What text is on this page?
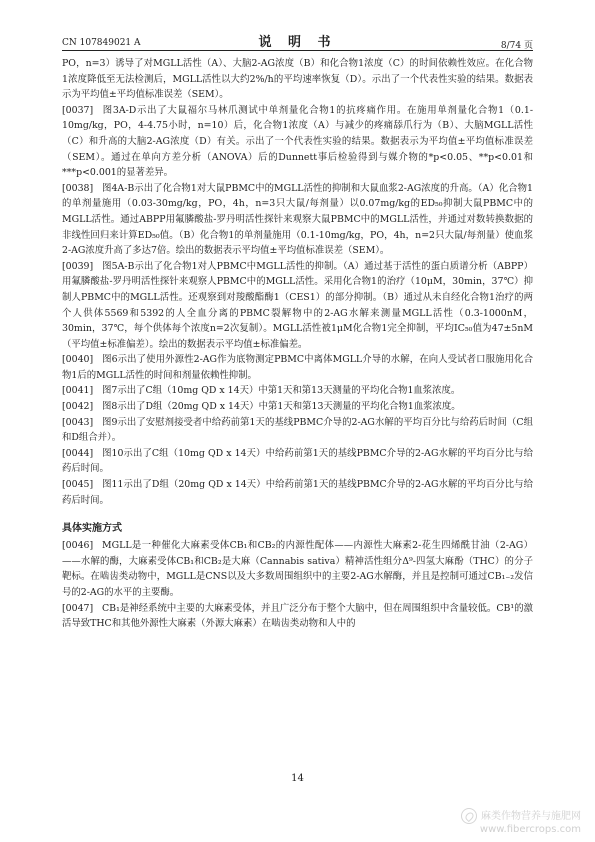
CN 107849021 A	说 明 书	8/74 页

PO，n=3）诱导了对MGLL活性（A）、大脑2-AG浓度（B）和化合物1浓度（C）的时间依赖性效应。在化合物1浓度降低至无法检测后，MGLL活性以大约2%/h的平均速率恢复（D）。示出了一个代表性实验的结果。数据表示为平均值±平均值标准误差（SEM）。

[0037] 图3A-D示出了大鼠福尔马林爪测试中单剂量化合物1的抗疼痛作用。在施用单剂量化合物1（0.1-10mg/kg，PO，4-4.75小时，n=10）后，化合物1浓度（A）与减少的疼痛舔爪行为（B）、大脑MGLL活性（C）和升高的大脑2-AG浓度（D）有关。示出了一个代表性实验的结果。数据表示为平均值±平均值标准误差（SEM）。通过在单向方差分析（ANOVA）后的Dunnett事后检验得到与媒介物的*p<0.05、**p<0.01和***p<0.001的显著差异。

[0038] 图4A-B示出了化合物1对大鼠PBMC中的MGLL活性的抑制和大鼠血浆2-AG浓度的升高。（A）化合物1的单剂量施用（0.03-30mg/kg，PO，4h，n=3只大鼠/每剂量）以0.07mg/kg的ED₅₀抑制大鼠PBMC中的MGLL活性。通过ABPP用氟膦酸盐-罗丹明活性探针来观察大鼠PBMC中的MGLL活性，并通过对数转换数据的非线性回归来计算ED₅₀值。（B）化合物1的单剂量施用（0.1-10mg/kg，PO，4h，n=2只大鼠/每剂量）使血浆2-AG浓度升高了多达7倍。绘出的数据表示平均值±平均值标准误差（SEM）。

[0039] 图5A-B示出了化合物1对人PBMC中MGLL活性的抑制。（A）通过基于活性的蛋白质谱分析（ABPP）用氟膦酸盐-罗丹明活性探针来观察人PBMC中的MGLL活性。采用化合物1的治疗（10μM，30min，37℃）抑制人PBMC中的MGLL活性。还观察到对羧酸酯酶1（CES1）的部分抑制。（B）通过从未自经化合物1治疗的两个人供体5569和5392的人全血分离的PBMC裂解物中的2-AG水解来测量MGLL活性（0.3-1000nM，30min，37℃，每个供体每个浓度n=2次复制）。MGLL活性被1μM化合物1完全抑制，平均IC₅₀值为47±5nM（平均值±标准偏差）。绘出的数据表示平均值±标准偏差。

[0040] 图6示出了使用外源性2-AG作为底物测定PBMC中离体MGLL介导的水解，在向人受试者口服施用化合物1后的MGLL活性的时间和剂量依赖性抑制。

[0041] 图7示出了C组（10mg QD x 14天）中第1天和第13天测量的平均化合物1血浆浓度。

[0042] 图8示出了D组（20mg QD x 14天）中第1天和第13天测量的平均化合物1血浆浓度。

[0043] 图9示出了安慰剂接受者中给药前第1天的基线PBMC介导的2-AG水解的平均百分比与给药后时间（C组和D组合并）。

[0044] 图10示出了C组（10mg QD x 14天）中给药前第1天的基线PBMC介导的2-AG水解的平均百分比与给药后时间。

[0045] 图11示出了D组（20mg QD x 14天）中给药前第1天的基线PBMC介导的2-AG水解的平均百分比与给药后时间。

具体实施方式

[0046] MGLL是一种催化大麻素受体CB₁和CB₂的内源性配体——内源性大麻素2-花生四烯酰甘油（2-AG）——水解的酶，大麻素受体CB₁和CB₂是大麻（Cannabis sativa）精神活性组分Δ⁹-四氢大麻酚（THC）的分子靶标。在啮齿类动物中，MGLL是CNS以及大多数周围组织中的主要2-AG水解酶，并且是控制可通过CB₁₋₂发信号的2-AG的水平的主要酶。

[0047] CB₁是神经系统中主要的大麻素受体，并且广泛分布于整个大脑中，但在周围组织中含量较低。CB¹的激活导致THC和其他外源性大麻素（外源大麻素）在啮齿类动物和人中的

14
麻类作物营养与施肥网
www.fibercrops.com
